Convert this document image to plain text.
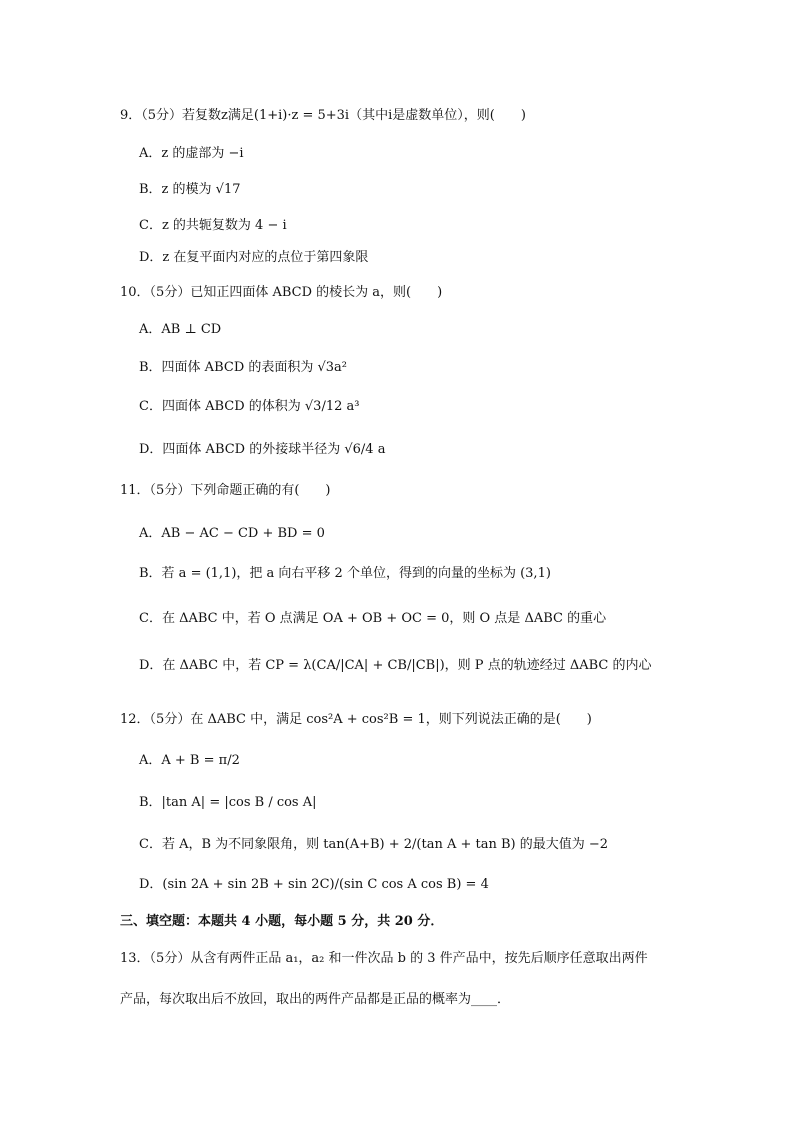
9．（5分）若复数z满足(1+i)·z = 5+3i（其中i是虚数单位），则(　　)
A．z 的虚部为 −i
B．z 的模为 √17
C．z 的共轭复数为 4 − i
D．z 在复平面内对应的点位于第四象限
10．（5分）已知正四面体 ABCD 的棱长为 a，则(　　)
A．AB ⊥ CD
B．四面体 ABCD 的表面积为 √3a²
C．四面体 ABCD 的体积为 √3/12 a³
D．四面体 ABCD 的外接球半径为 √6/4 a
11．（5分）下列命题正确的有(　　)
A．AB − AC − CD + BD = 0
B．若 a = (1,1)，把 a 向右平移 2 个单位，得到的向量的坐标为 (3,1)
C．在 ΔABC 中，若 O 点满足 OA + OB + OC = 0，则 O 点是 ΔABC 的重心
D．在 ΔABC 中，若 CP = λ(CA/|CA| + CB/|CB|)，则 P 点的轨迹经过 ΔABC 的内心
12．（5分）在 ΔABC 中，满足 cos²A + cos²B = 1，则下列说法正确的是(　　)
A．A + B = π/2
B．|tan A| = |cos B / cos A|
C．若 A，B 为不同象限角，则 tan(A+B) + 2/(tan A + tan B) 的最大值为 −2
D．(sin 2A + sin 2B + sin 2C)/(sin C cos A cos B) = 4
三、填空题：本题共 4 小题，每小题 5 分，共 20 分．
13．（5分）从含有两件正品 a₁，a₂ 和一件次品 b 的 3 件产品中，按先后顺序任意取出两件
产品，每次取出后不放回，取出的两件产品都是正品的概率为____．
